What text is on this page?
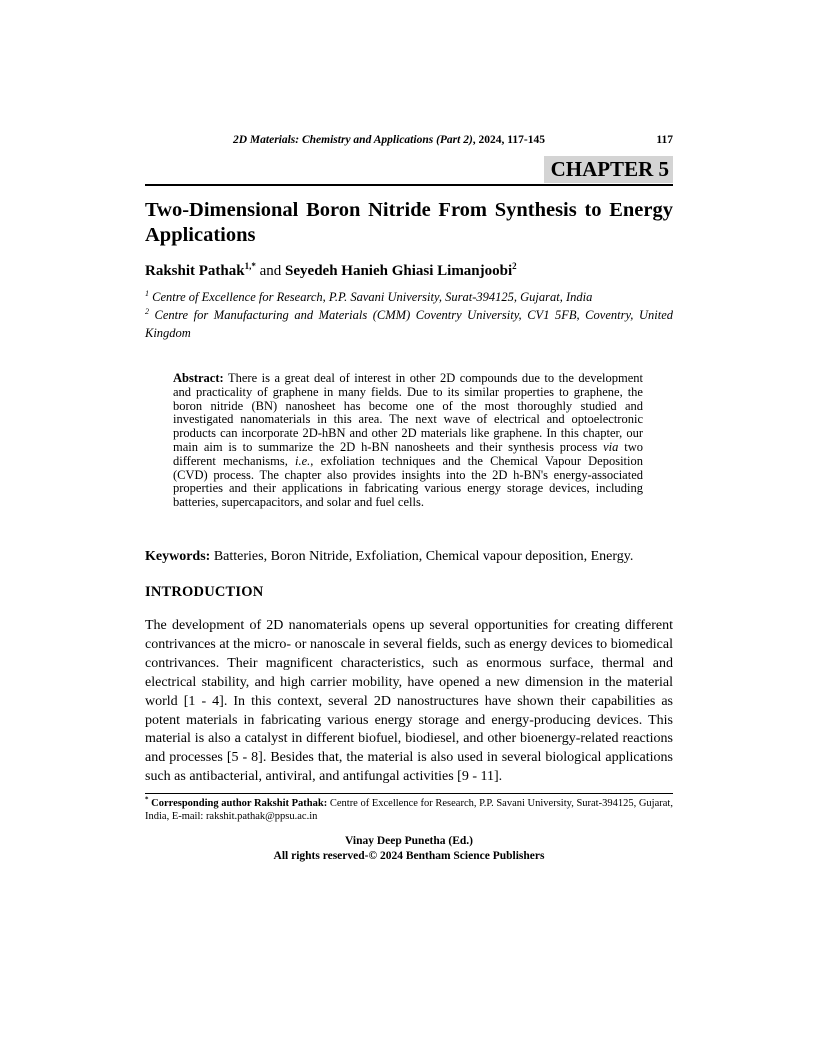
2D Materials: Chemistry and Applications (Part 2), 2024, 117-145	117
CHAPTER 5
Two-Dimensional Boron Nitride From Synthesis to Energy Applications

Rakshit Pathak$^{1,*}$ and Seyedeh Hanieh Ghiasi Limanjoobi$^2$

$^1$ Centre of Excellence for Research, P.P. Savani University, Surat-394125, Gujarat, India

$^2$ Centre for Manufacturing and Materials (CMM) Coventry University, CV1 5FB, Coventry, United Kingdom

Abstract: There is a great deal of interest in other 2D compounds due to the development and practicality of graphene in many fields. Due to its similar properties to graphene, the boron nitride (BN) nanosheet has become one of the most thoroughly studied and investigated nanomaterials in this area. The next wave of electrical and optoelectronic products can incorporate 2D-hBN and other 2D materials like graphene. In this chapter, our main aim is to summarize the 2D h-BN nanosheets and their synthesis process via two different mechanisms, i.e., exfoliation techniques and the Chemical Vapour Deposition (CVD) process. The chapter also provides insights into the 2D h-BN's energy-associated properties and their applications in fabricating various energy storage devices, including batteries, supercapacitors, and solar and fuel cells.

Keywords: Batteries, Boron Nitride, Exfoliation, Chemical vapour deposition, Energy.

INTRODUCTION

The development of 2D nanomaterials opens up several opportunities for creating different contrivances at the micro- or nanoscale in several fields, such as energy devices to biomedical contrivances. Their magnificent characteristics, such as enormous surface, thermal and electrical stability, and high carrier mobility, have opened a new dimension in the material world [1 - 4]. In this context, several 2D nanostructures have shown their capabilities as potent materials in fabricating various energy storage and energy-producing devices. This material is also a catalyst in different biofuel, biodiesel, and other bioenergy-related reactions and processes [5 - 8]. Besides that, the material is also used in several biological applications such as antibacterial, antiviral, and antifungal activities [9 - 11].

* Corresponding author Rakshit Pathak: Centre of Excellence for Research, P.P. Savani University, Surat-394125, Gujarat, India, E-mail: rakshit.pathak@ppsu.ac.in

Vinay Deep Punetha (Ed.)
All rights reserved-© 2024 Bentham Science Publishers
